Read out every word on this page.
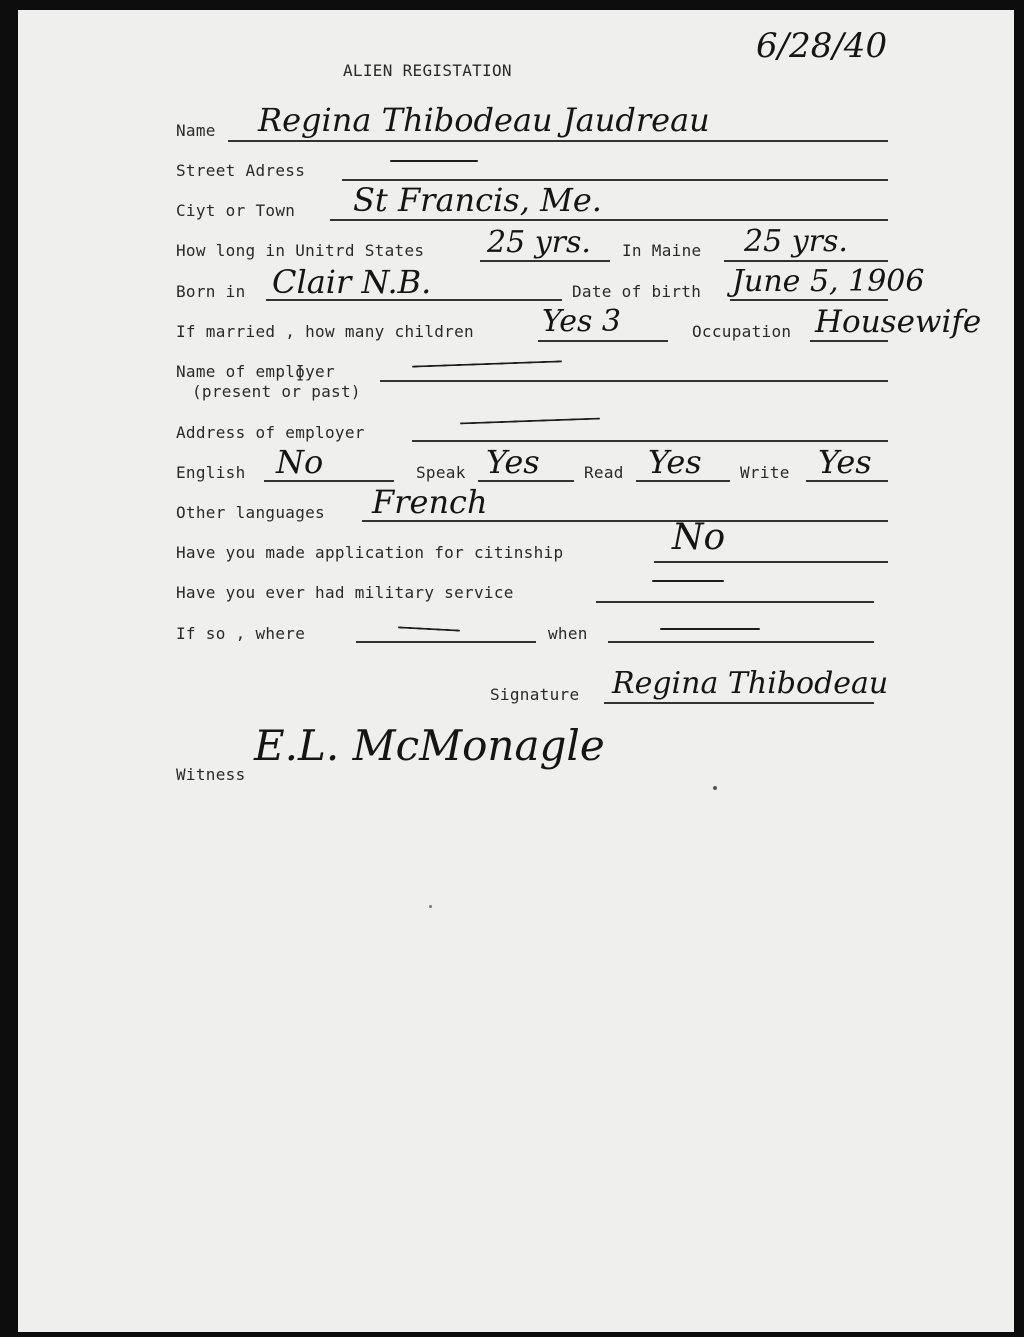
ALIEN REGISTATION
6/28/40
Name Regina Thibodeau Jaudreau
Street Adress
Ciyt or Town St Francis, Me.
How long in Unitrd States 25 yrs. In Maine 25 yrs.
Born in Clair N.B.	Date of birth June 5, 1906
If married , how many children Yes 3	Occupation Housewife
Name of emplɸyer
(present or past)
Address of employer
English No	Speak Yes	Read Yes Write Yes
Other languages French
Have you made application for citinship	No
Have you ever had military service
If so , where	when
Signature Regina Thibodeau
Witness
E.L. McMonagle
